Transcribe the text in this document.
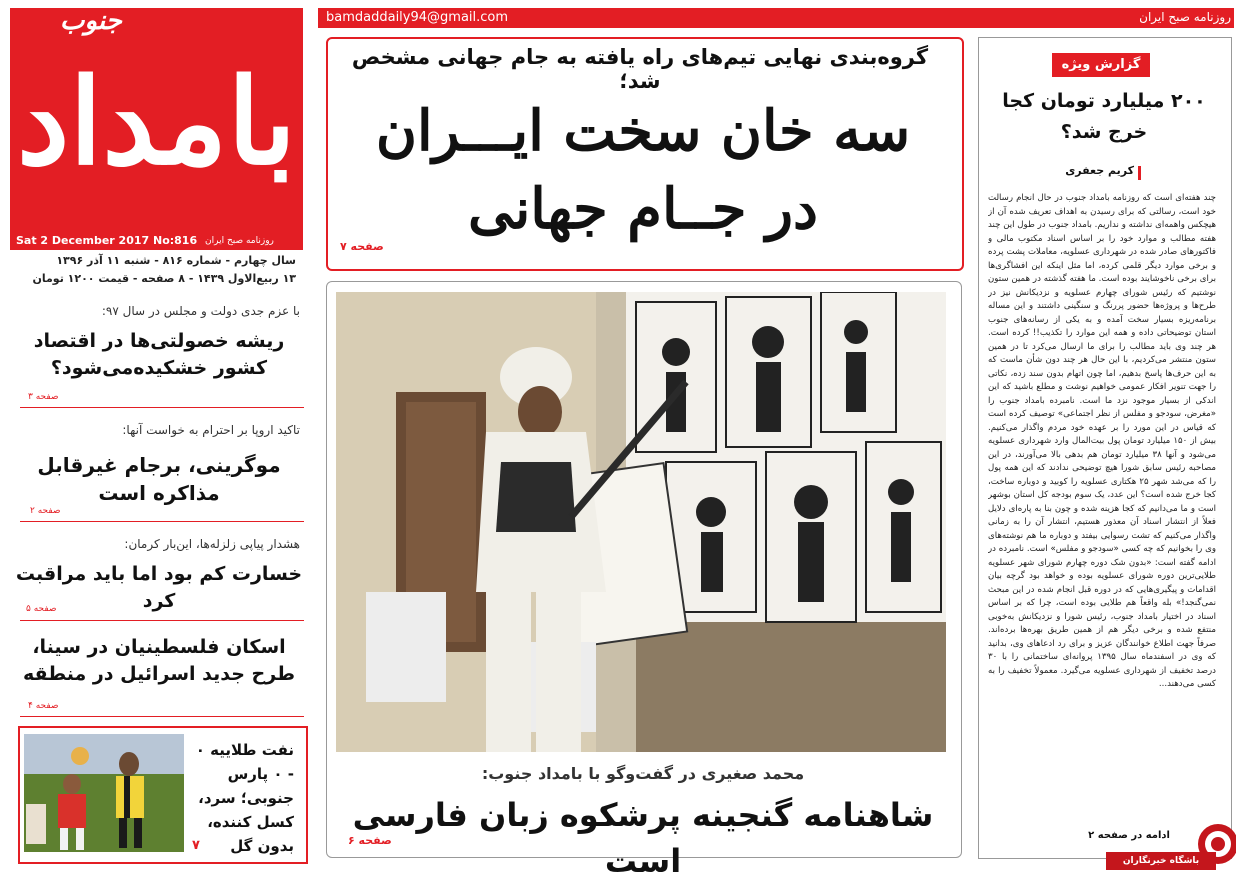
bamdaddaily94@gmail.com	روزنامه صبح ایران
بامداد
جنوب
روزنامه صبح ایران
Sat 2 December 2017 No:816
سال چهارم - شماره ۸۱۶ - شنبه ۱۱ آذر ۱۳۹۶
۱۳ ربیع‌الاول ۱۴۳۹ - ۸ صفحه - قیمت ۱۲۰۰ تومان
با عزم جدی دولت و مجلس در سال ۹۷:
ریشه خصولتی‌ها در اقتصاد کشور خشکیده‌می‌شود؟
صفحه ۳
تاکید اروپا بر احترام به خواست آنها:
موگرینی، برجام غیرقابل مذاکره است
صفحه ۲
هشدار پیاپی زلزله‌ها، این‌بار کرمان:
خسارت کم بود اما باید مراقبت کرد
صفحه ۵
اسکان فلسطینیان در سینا، طرح جدید اسرائیل در منطقه
صفحه ۴
نفت طلاییه ۰ - ۰ پارس جنوبی؛ سرد، کسل کننده، بدون گل
۷
گروه‌بندی نهایی تیم‌های راه یافته به جام جهانی مشخص شد؛
سه خان سخت ایـــران
در جــام جهانی
صفحه ۷
محمد صغیری در گفت‌وگو با بامداد جنوب:
شاهنامه گنجینه پرشکوه زبان فارسی است
صفحه ۶
گزارش ویژه
۲۰۰ میلیارد تومان کجا خرج شد؟
کریم جعفری
چند هفته‌ای است که روزنامه بامداد جنوب در حال انجام رسالت خود است، رسالتی که برای رسیدن به اهداف تعریف شده آن از هیچکس واهمه‌ای نداشته و نداریم. بامداد جنوب در طول این چند هفته مطالب و موارد خود را بر اساس اسناد مکتوب مالی و فاکتورهای صادر شده در شهرداری عسلویه، معاملات پشت پرده و برخی موارد دیگر قلمی کرده، اما مثل اینکه این افشاگری‌ها برای برخی ناخوشایند بوده است. ما هفته گذشته در همین ستون نوشتیم که رئیس شورای چهارم عسلویه و نزدیکانش نیز در طرح‌ها و پروژه‌ها حضور پررنگ و سنگینی داشتند و این مساله برنامه‌ریزه بسیار سخت آمده و به یکی از رسانه‌های جنوب استان توضیحاتی داده و همه این موارد را تکذیب!! کرده است. هر چند وی باید مطالب را برای ما ارسال می‌کرد تا در همین ستون منتشر می‌کردیم، با این حال هر چند دون شأن ماست که به این حرف‌ها پاسخ بدهیم، اما چون اتهام بدون سند زده، نکاتی را جهت تنویر افکار عمومی خواهیم نوشت و مطلع باشید که این اندکی از بسیار موجود نزد ما است. نامبرده بامداد جنوب را «مغرض، سودجو و مفلس از نظر اجتماعی» توصیف کرده است که قیاس در این مورد را بر عهده خود مردم واگذار می‌کنیم. بیش از ۱۵۰ میلیارد تومان پول بیت‌المال وارد شهرداری عسلویه می‌شود و آنها ۳۸ میلیارد تومان هم بدهی بالا می‌آورند، در این مصاحبه رئیس سابق شورا هیچ توضیحی ندادند که این همه پول را که می‌شد شهر ۲۵ هکتاری عسلویه را کوبید و دوباره ساخت، کجا خرج شده است؟ این عدد، یک سوم بودجه کل استان بوشهر است و ما می‌دانیم که کجا هزینه شده و چون بنا به پاره‌ای دلایل فعلاً از انتشار اسناد آن معذور هستیم، انتشار آن را به زمانی واگذار می‌کنیم که تشت رسوایی بیفتد و دوباره ما هم نوشته‌های وی را بخوانیم که چه کسی «سودجو و مفلس» است. نامبرده در ادامه گفته است: «بدون شک دوره چهارم شورای شهر عسلویه طلایی‌ترین دوره شورای عسلویه بوده و خواهد بود گرچه بیان اقدامات و پیگیری‌هایی که در دوره قبل انجام شده در این مبحث نمی‌گنجد!» بله واقعاً هم طلایی بوده است، چرا که بر اساس اسناد در اختیار بامداد جنوب، رئیس شورا و نزدیکانش به‌خوبی منتفع شده و برخی دیگر هم از همین طریق بهره‌ها برده‌اند. صرفاً جهت اطلاع خوانندگان عزیز و برای رد ادعاهای وی، بدانید که وی در اسفندماه سال ۱۳۹۵ پروانه‌ای ساختمانی را با ۳۰ درصد تخفیف از شهرداری عسلویه می‌گیرد. معمولاً تخفیف را به کسی می‌دهند...
ادامه در صفحه ۲
باشگاه خبرنگاران
